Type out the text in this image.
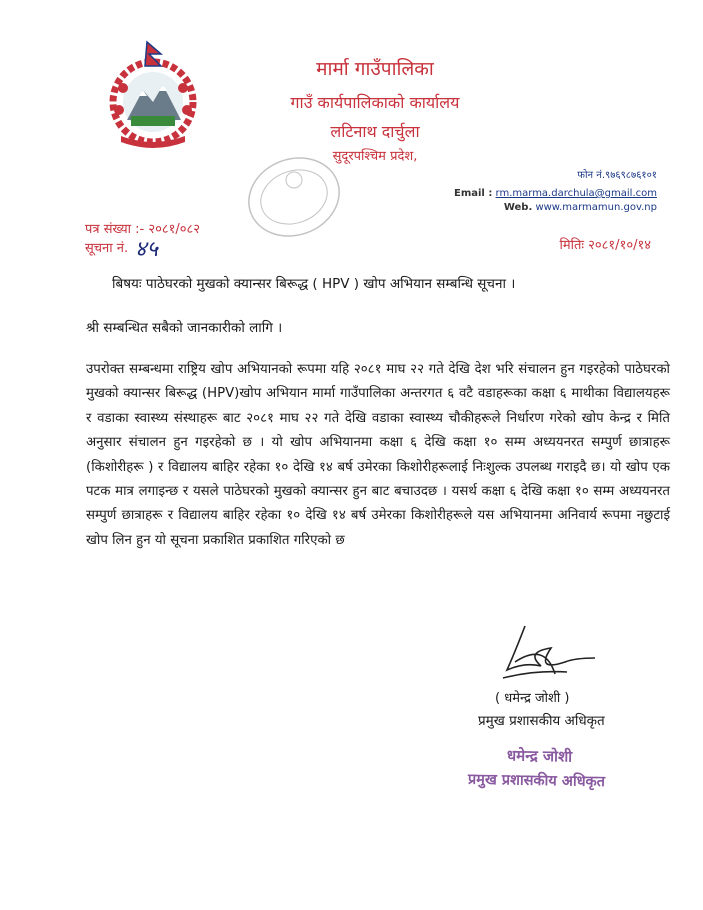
मार्मा गाउँपालिका
गाउँ कार्यपालिकाको कार्यालय
लटिनाथ दार्चुला
सुदूरपश्चिम प्रदेश,
फोन नं.९७६९८७६१०१
Email : rm.marma.darchula@gmail.com
Web. www.marmamun.gov.np
पत्र संख्या :- २०८१/०८२
सूचना नं. ४५	मितिः २०८१/१०/१४
बिषयः पाठेघरको मुखको क्यान्सर बिरूद्ध ( HPV ) खोप अभियान सम्बन्धि सूचना ।
श्री सम्बन्धित सबैको जानकारीको लागि ।
उपरोक्त सम्बन्धमा राष्ट्रिय खोप अभियानको रूपमा यहि २०८१ माघ २२ गते देखि देश भरि संचालन हुन गइरहेको पाठेघरको मुखको क्यान्सर बिरूद्ध (HPV)खोप अभियान मार्मा गाउँपालिका अन्तरगत ६ वटै वडाहरूका कक्षा ६ माथीका विद्यालयहरू र वडाका स्वास्थ्य संस्थाहरू बाट २०८१ माघ २२ गते देखि वडाका स्वास्थ्य चौकीहरूले निर्धारण गरेको खोप केन्द्र र मिति अनुसार संचालन हुन गइरहेको छ । यो खोप अभियानमा कक्षा ६ देखि कक्षा १० सम्म अध्ययनरत सम्पुर्ण छात्राहरू (किशोरीहरू ) र विद्यालय बाहिर रहेका १० देखि १४ बर्ष उमेरका किशोरीहरूलाई निःशुल्क उपलब्ध गराइदै छ। यो खोप एक पटक मात्र लगाइन्छ र यसले पाठेघरको मुखको क्यान्सर हुन बाट बचाउदछ । यसर्थ कक्षा ६ देखि कक्षा १० सम्म अध्ययनरत सम्पुर्ण छात्राहरू र विद्यालय बाहिर रहेका १० देखि १४ बर्ष उमेरका किशोरीहरूले यस अभियानमा अनिवार्य रूपमा नछुटाई खोप लिन हुन यो सूचना प्रकाशित प्रकाशित गरिएको छ
( धमेन्द्र जोशी )
प्रमुख प्रशासकीय अधिकृत
धमेन्द्र जोशी
प्रमुख प्रशासकीय अधिकृत
